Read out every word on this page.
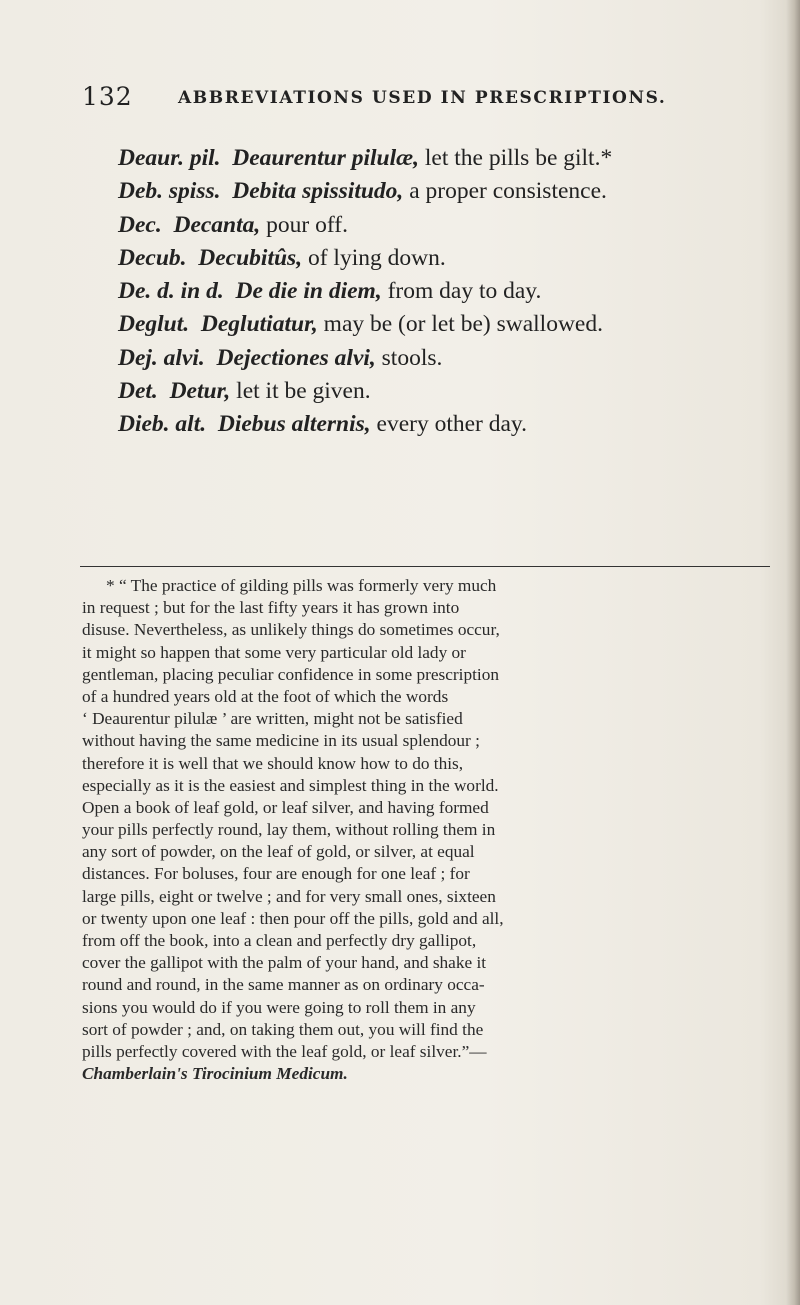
132	ABBREVIATIONS USED IN PRESCRIPTIONS.

Deaur. pil. Deaurentur pilulæ, let the pills be gilt.*

Deb. spiss. Debita spissitudo, a proper consistence.

Dec. Decanta, pour off.

Decub. Decubitûs, of lying down.

De. d. in d. De die in diem, from day to day.

Deglut. Deglutiatur, may be (or let be) swallowed.

Dej. alvi. Dejectiones alvi, stools.

Det. Detur, let it be given.

Dieb. alt. Diebus alternis, every other day.

* “ The practice of gilding pills was formerly very much
in request ; but for the last fifty years it has grown into
disuse. Nevertheless, as unlikely things do sometimes occur,
it might so happen that some very particular old lady or
gentleman, placing peculiar confidence in some prescription
of a hundred years old at the foot of which the words
‘ Deaurentur pilulæ ’ are written, might not be satisfied
without having the same medicine in its usual splendour ;
therefore it is well that we should know how to do this,
especially as it is the easiest and simplest thing in the world.
Open a book of leaf gold, or leaf silver, and having formed
your pills perfectly round, lay them, without rolling them in
any sort of powder, on the leaf of gold, or silver, at equal
distances. For boluses, four are enough for one leaf ; for
large pills, eight or twelve ; and for very small ones, sixteen
or twenty upon one leaf : then pour off the pills, gold and all,
from off the book, into a clean and perfectly dry gallipot,
cover the gallipot with the palm of your hand, and shake it
round and round, in the same manner as on ordinary occa-
sions you would do if you were going to roll them in any
sort of powder ; and, on taking them out, you will find the
pills perfectly covered with the leaf gold, or leaf silver.”—
Chamberlain's Tirocinium Medicum.
